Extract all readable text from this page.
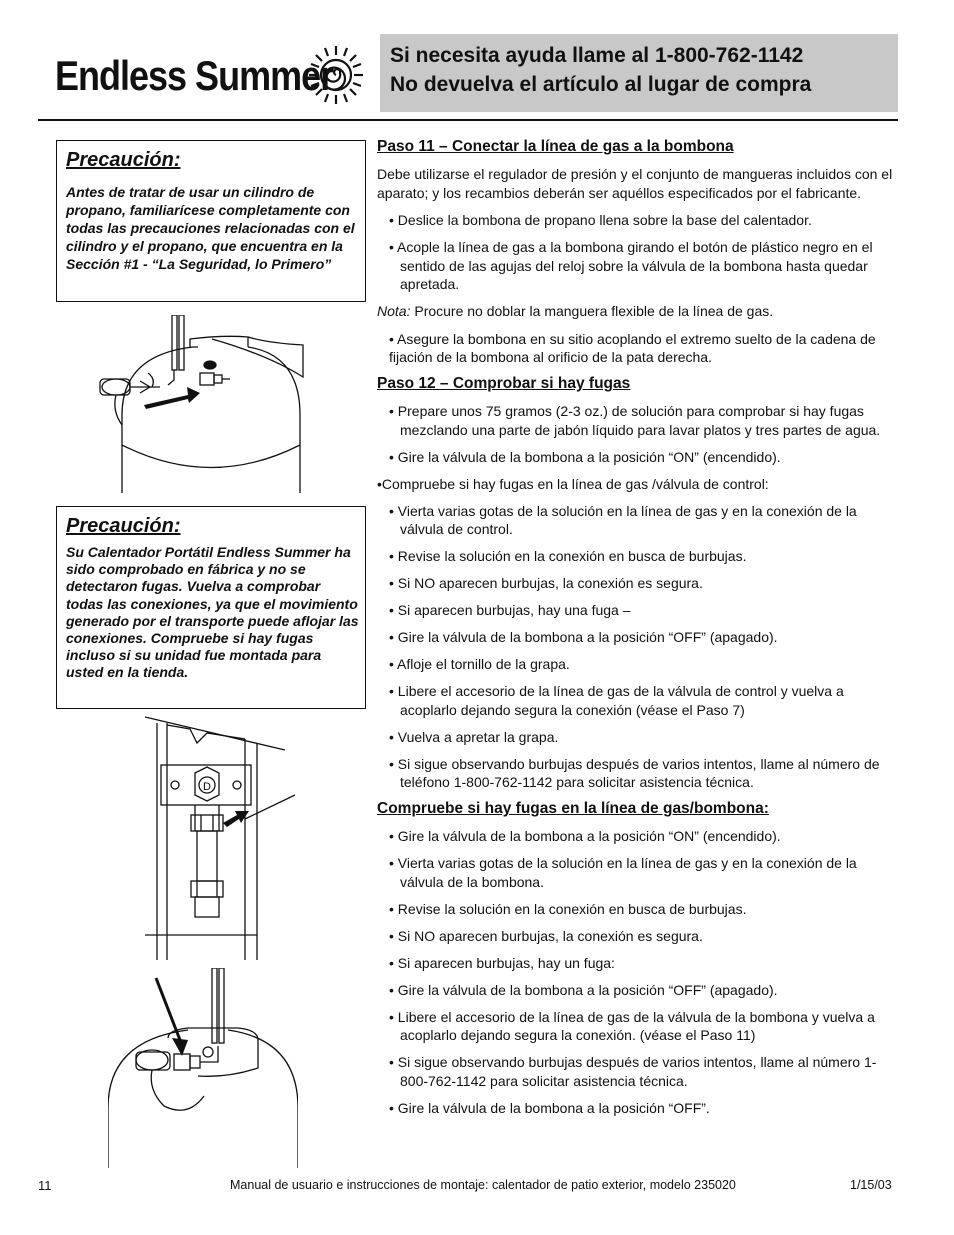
Endless Summer	Si necesita ayuda llame al 1-800-762-1142
No devuelva el artículo al lugar de compra
Precaución:

Antes de tratar de usar un cilindro de propano, familiarícese completamente con todas las precauciones relacionadas con el cilindro y el propano, que encuentra en la Sección #1 - “La Seguridad, lo Primero”

Precaución:

Su Calentador Portátil Endless Summer ha sido comprobado en fábrica y no se detectaron fugas. Vuelva a comprobar todas las conexiones, ya que el movimiento generado por el transporte puede aflojar las conexiones. Compruebe si hay fugas incluso si su unidad fue montada para usted en la tienda.

D
Paso 11 – Conectar la línea de gas a la bombona

Debe utilizarse el regulador de presión y el conjunto de mangueras incluidos con el aparato; y los recambios deberán ser aquéllos especificados por el fabricante.

• Deslice la bombona de propano llena sobre la base del calentador.

• Acople la línea de gas a la bombona girando el botón de plástico negro en el sentido de las agujas del reloj sobre la válvula de la bombona hasta quedar apretada.

Nota: Procure no doblar la manguera flexible de la línea de gas.

• Asegure la bombona en su sitio acoplando el extremo suelto de la cadena de fijación de la bombona al orificio de la pata derecha.

Paso 12 – Comprobar si hay fugas

• Prepare unos 75 gramos (2-3 oz.) de solución para comprobar si hay fugas mezclando una parte de jabón líquido para lavar platos y tres partes de agua.

• Gire la válvula de la bombona a la posición “ON” (encendido).

•Compruebe si hay fugas en la línea de gas /válvula de control:

• Vierta varias gotas de la solución en la línea de gas y en la conexión de la válvula de control.

• Revise la solución en la conexión en busca de burbujas.

• Si NO aparecen burbujas, la conexión es segura.

• Si aparecen burbujas, hay una fuga –

• Gire la válvula de la bombona a la posición “OFF” (apagado).

• Afloje el tornillo de la grapa.

• Libere el accesorio de la línea de gas de la válvula de control y vuelva a acoplarlo dejando segura la conexión (véase el Paso 7)

• Vuelva a apretar la grapa.

• Si sigue observando burbujas después de varios intentos, llame al número de teléfono 1-800-762-1142 para solicitar asistencia técnica.

Compruebe si hay fugas en la línea de gas/bombona:

• Gire la válvula de la bombona a la posición “ON” (encendido).

• Vierta varias gotas de la solución en la línea de gas y en la conexión de la válvula de la bombona.

• Revise la solución en la conexión en busca de burbujas.

• Si NO aparecen burbujas, la conexión es segura.

• Si aparecen burbujas, hay un fuga:

• Gire la válvula de la bombona a la posición “OFF” (apagado).

• Libere el accesorio de la línea de gas de la válvula de la bombona y vuelva a acoplarlo dejando segura la conexión. (véase el Paso 11)

• Si sigue observando burbujas después de varios intentos, llame al número 1-800-762-1142 para solicitar asistencia técnica.

• Gire la válvula de la bombona a la posición “OFF”.

11	Manual de usuario e instrucciones de montaje: calentador de patio exterior, modelo 235020	1/15/03
